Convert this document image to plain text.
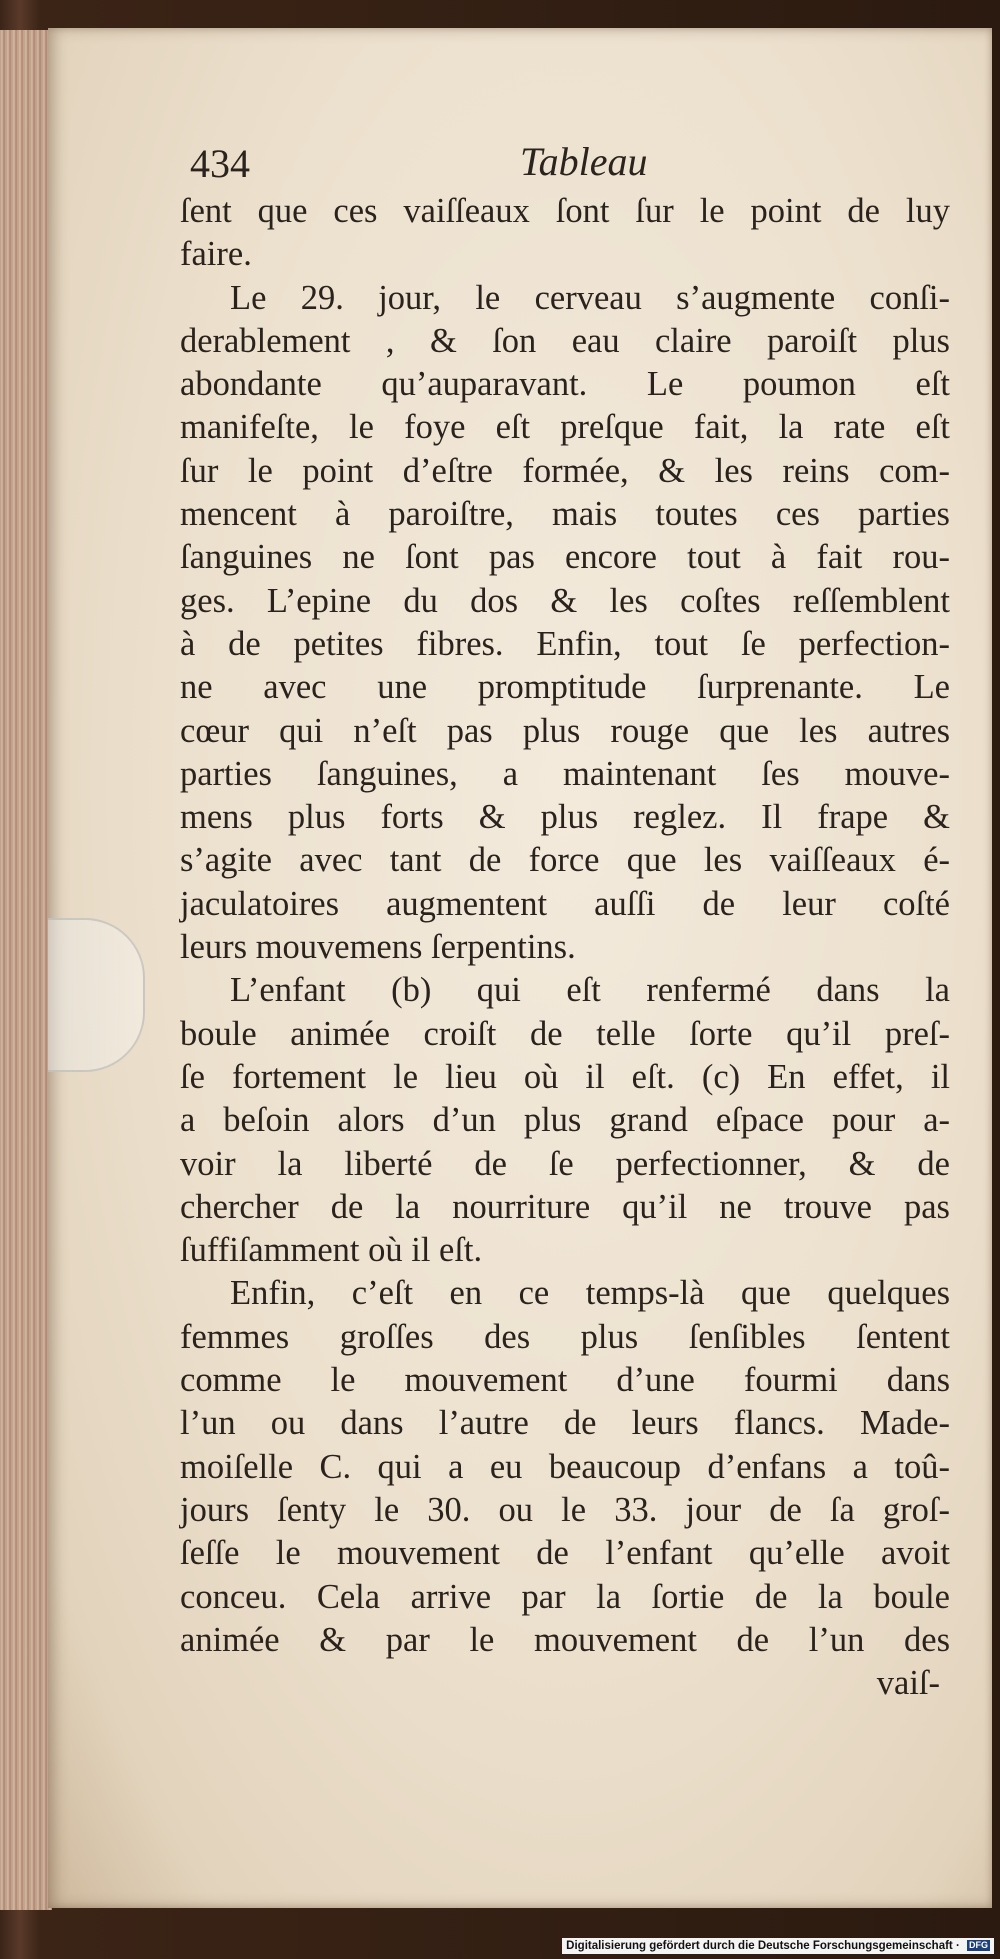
434	Tableau
ſent que ces vaiſſeaux ſont ſur le point de luy
faire.
Le 29. jour, le cerveau s’augmente conſi-
derablement , & ſon eau claire paroiſt plus
abondante qu’auparavant. Le poumon eſt
manifeſte, le foye eſt preſque fait, la rate eſt
ſur le point d’eſtre formée, & les reins com-
mencent à paroiſtre, mais toutes ces parties
ſanguines ne ſont pas encore tout à fait rou-
ges. L’epine du dos & les coſtes reſſemblent
à de petites fibres. Enfin, tout ſe perfection-
ne avec une promptitude ſurprenante. Le
cœur qui n’eſt pas plus rouge que les autres
parties ſanguines, a maintenant ſes mouve-
mens plus forts & plus reglez. Il frape &
s’agite avec tant de force que les vaiſſeaux é-
jaculatoires augmentent auſſi de leur coſté
leurs mouvemens ſerpentins.
L’enfant (b) qui eſt renfermé dans la
boule animée croiſt de telle ſorte qu’il preſ-
ſe fortement le lieu où il eſt. (c) En effet, il
a beſoin alors d’un plus grand eſpace pour a-
voir la liberté de ſe perfectionner, & de
chercher de la nourriture qu’il ne trouve pas
ſuffiſamment où il eſt.
Enfin, c’eſt en ce temps-là que quelques
femmes groſſes des plus ſenſibles ſentent
comme le mouvement d’une fourmi dans
l’un ou dans l’autre de leurs flancs. Made-
moiſelle C. qui a eu beaucoup d’enfans a toû-
jours ſenty le 30. ou le 33. jour de ſa groſ-
ſeſſe le mouvement de l’enfant qu’elle avoit
conceu. Cela arrive par la ſortie de la boule
animée & par le mouvement de l’un des
vaiſ-
Digitalisierung gefördert durch die Deutsche Forschungsgemeinschaft · DFG
